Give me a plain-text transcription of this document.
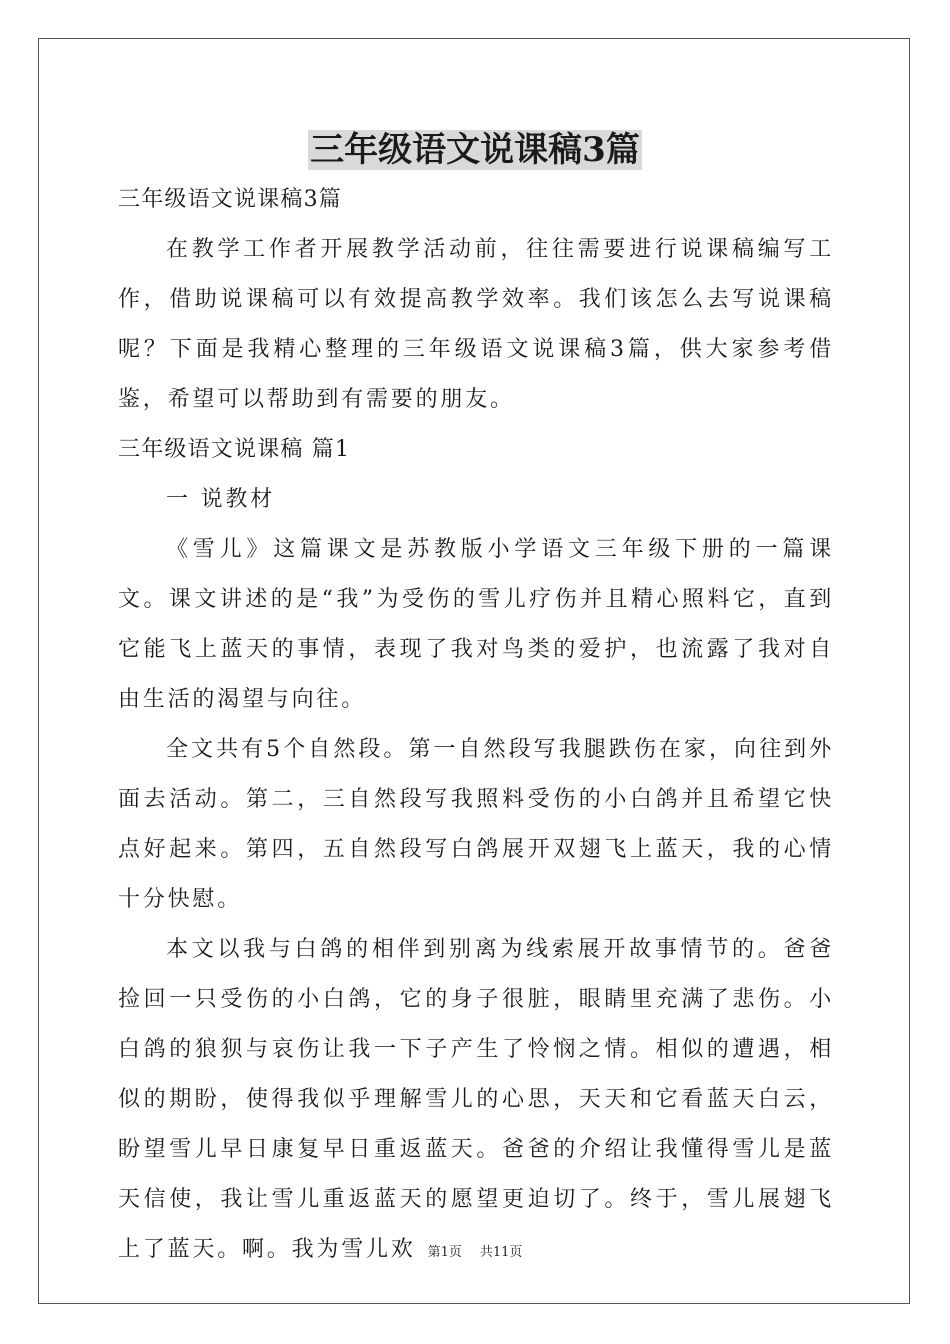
三年级语文说课稿3篇

三年级语文说课稿3篇

在教学工作者开展教学活动前，往往需要进行说课稿编写工作，借助说课稿可以有效提高教学效率。我们该怎么去写说课稿呢？下面是我精心整理的三年级语文说课稿3篇，供大家参考借鉴，希望可以帮助到有需要的朋友。

三年级语文说课稿 篇1

一 说教材

《雪儿》这篇课文是苏教版小学语文三年级下册的一篇课文。课文讲述的是“我”为受伤的雪儿疗伤并且精心照料它，直到它能飞上蓝天的事情，表现了我对鸟类的爱护，也流露了我对自由生活的渴望与向往。

全文共有5个自然段。第一自然段写我腿跌伤在家，向往到外面去活动。第二，三自然段写我照料受伤的小白鸽并且希望它快点好起来。第四，五自然段写白鸽展开双翅飞上蓝天，我的心情十分快慰。

本文以我与白鸽的相伴到别离为线索展开故事情节的。爸爸捡回一只受伤的小白鸽，它的身子很脏，眼睛里充满了悲伤。小白鸽的狼狈与哀伤让我一下子产生了怜悯之情。相似的遭遇，相似的期盼，使得我似乎理解雪儿的心思，天天和它看蓝天白云，盼望雪儿早日康复早日重返蓝天。爸爸的介绍让我懂得雪儿是蓝天信使，我让雪儿重返蓝天的愿望更迫切了。终于，雪儿展翅飞上了蓝天。啊。我为雪儿欢 第1页 共11页
